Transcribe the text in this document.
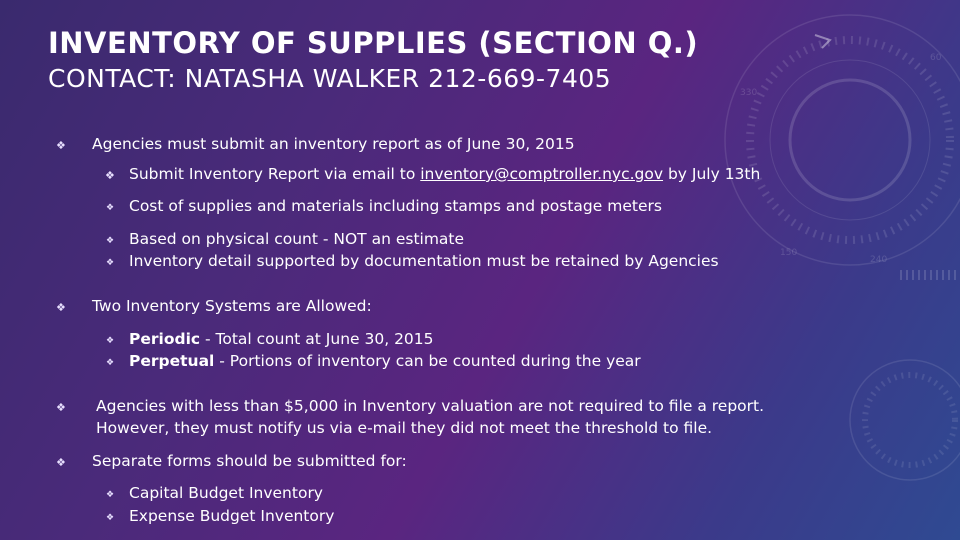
150
240
330
60
INVENTORY OF SUPPLIES (SECTION Q.)
CONTACT: NATASHA WALKER 212-669-7405
❖ Agencies must submit an inventory report as of June 30, 2015
❖ Submit Inventory Report via email to inventory@comptroller.nyc.gov by July 13th
❖ Cost of supplies and materials including stamps and postage meters
❖ Based on physical count - NOT an estimate
❖ Inventory detail supported by documentation must be retained by Agencies
❖ Two Inventory Systems are Allowed:
❖ Periodic - Total count at June 30, 2015
❖ Perpetual - Portions of inventory can be counted during the year
❖ Agencies with less than $5,000 in Inventory valuation are not required to file a report.
However, they must notify us via e-mail they did not meet the threshold to file.
❖ Separate forms should be submitted for:
❖ Capital Budget Inventory
❖ Expense Budget Inventory
